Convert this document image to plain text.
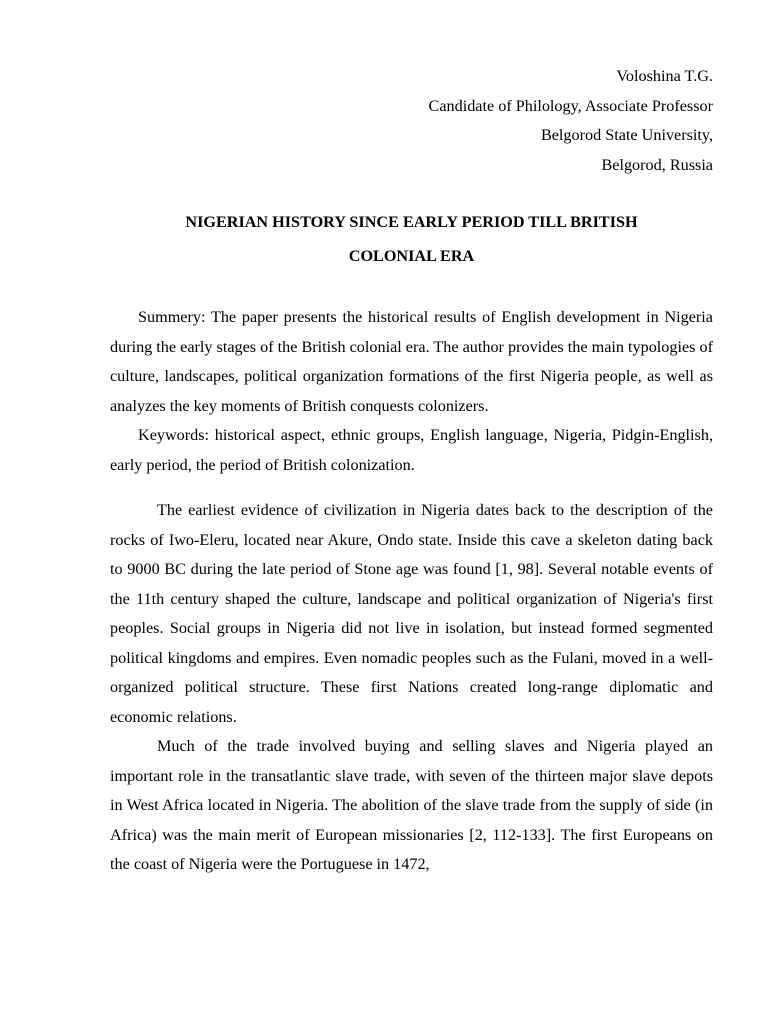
Voloshina T.G.
Candidate of Philology, Associate Professor
Belgorod State University,
Belgorod, Russia
NIGERIAN HISTORY SINCE EARLY PERIOD TILL BRITISH
COLONIAL ERA

Summery: The paper presents the historical results of English development in Nigeria during the early stages of the British colonial era. The author provides the main typologies of culture, landscapes, political organization formations of the first Nigeria people, as well as analyzes the key moments of British conquests colonizers.

Keywords: historical aspect, ethnic groups, English language, Nigeria, Pidgin-English, early period, the period of British colonization.

The earliest evidence of civilization in Nigeria dates back to the description of the rocks of Iwo-Eleru, located near Akure, Ondo state. Inside this cave a skeleton dating back to 9000 BC during the late period of Stone age was found [1, 98]. Several notable events of the 11th century shaped the culture, landscape and political organization of Nigeria's first peoples. Social groups in Nigeria did not live in isolation, but instead formed segmented political kingdoms and empires. Even nomadic peoples such as the Fulani, moved in a well-organized political structure. These first Nations created long-range diplomatic and economic relations.

Much of the trade involved buying and selling slaves and Nigeria played an important role in the transatlantic slave trade, with seven of the thirteen major slave depots in West Africa located in Nigeria. The abolition of the slave trade from the supply of side (in Africa) was the main merit of European missionaries [2, 112-133]. The first Europeans on the coast of Nigeria were the Portuguese in 1472,
